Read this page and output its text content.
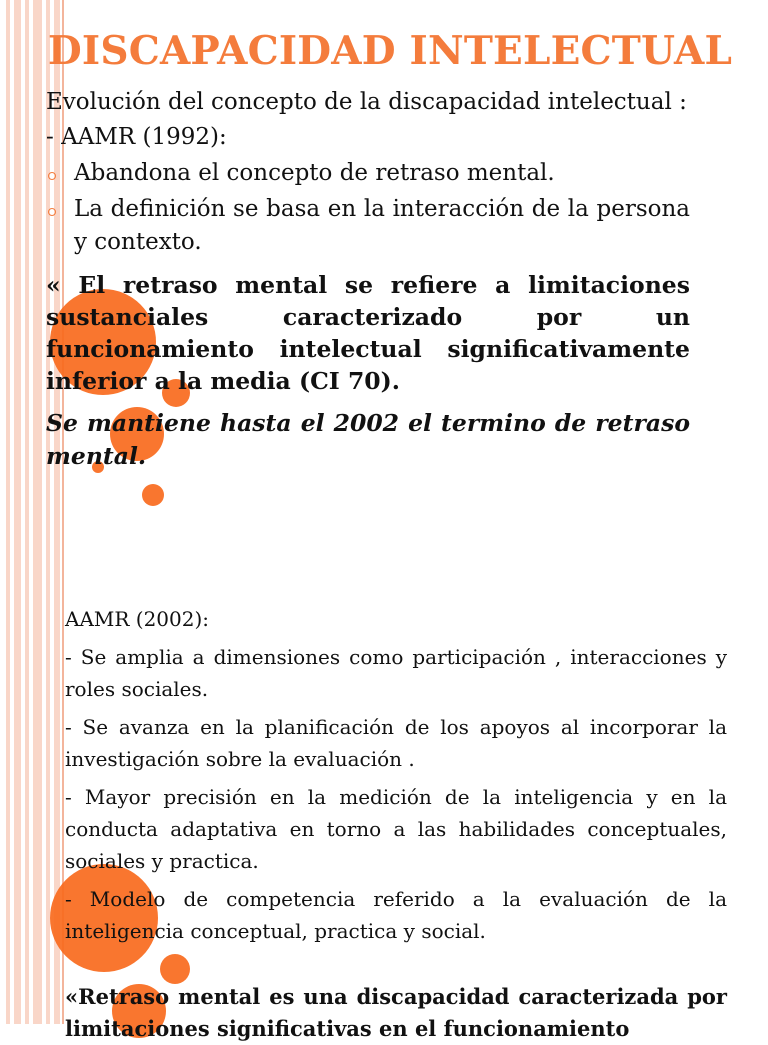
DISCAPACIDAD INTELECTUAL

Evolución del concepto de la discapacidad intelectual :

- AAMR (1992):

Abandona el concepto de retraso mental.
La definición se basa en la interacción de la persona y contexto.

« El retraso mental se refiere a limitaciones sustanciales caracterizado por un funcionamiento intelectual significativamente inferior a la media (CI 70).

Se mantiene hasta el 2002 el termino de retraso mental.

AAMR (2002):

- Se amplia a dimensiones como participación , interacciones y roles sociales.

- Se avanza en la planificación de los apoyos al incorporar la investigación sobre la evaluación .

- Mayor precisión en la medición de la inteligencia y en la conducta adaptativa en torno a las habilidades conceptuales, sociales y practica.

- Modelo de competencia referido a la evaluación de la inteligencia conceptual, practica y social.

«Retraso mental es una discapacidad caracterizada por limitaciones significativas en el funcionamiento
